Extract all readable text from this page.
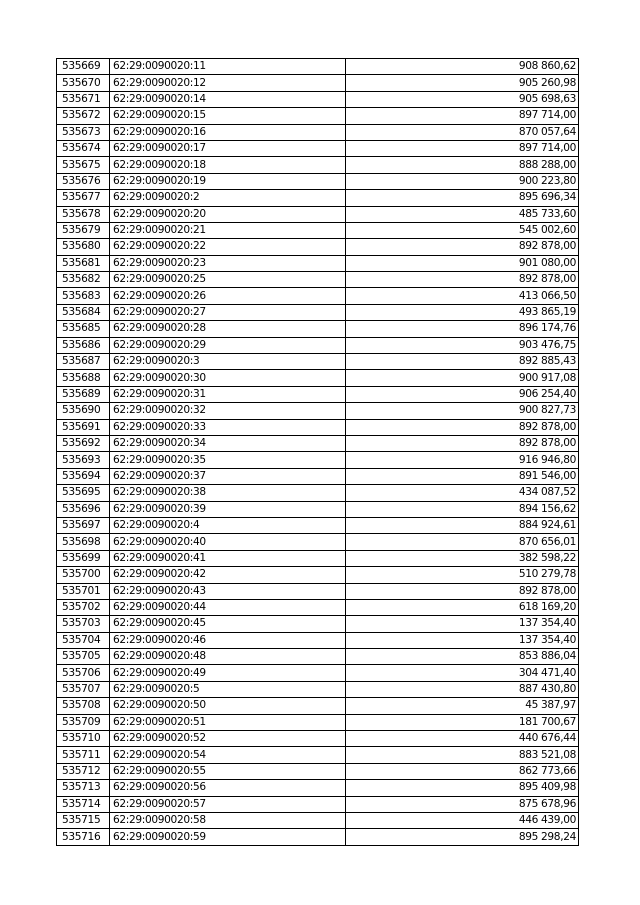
535669	62:29:0090020:11	908 860,62
535670	62:29:0090020:12	905 260,98
535671	62:29:0090020:14	905 698,63
535672	62:29:0090020:15	897 714,00
535673	62:29:0090020:16	870 057,64
535674	62:29:0090020:17	897 714,00
535675	62:29:0090020:18	888 288,00
535676	62:29:0090020:19	900 223,80
535677	62:29:0090020:2	895 696,34
535678	62:29:0090020:20	485 733,60
535679	62:29:0090020:21	545 002,60
535680	62:29:0090020:22	892 878,00
535681	62:29:0090020:23	901 080,00
535682	62:29:0090020:25	892 878,00
535683	62:29:0090020:26	413 066,50
535684	62:29:0090020:27	493 865,19
535685	62:29:0090020:28	896 174,76
535686	62:29:0090020:29	903 476,75
535687	62:29:0090020:3	892 885,43
535688	62:29:0090020:30	900 917,08
535689	62:29:0090020:31	906 254,40
535690	62:29:0090020:32	900 827,73
535691	62:29:0090020:33	892 878,00
535692	62:29:0090020:34	892 878,00
535693	62:29:0090020:35	916 946,80
535694	62:29:0090020:37	891 546,00
535695	62:29:0090020:38	434 087,52
535696	62:29:0090020:39	894 156,62
535697	62:29:0090020:4	884 924,61
535698	62:29:0090020:40	870 656,01
535699	62:29:0090020:41	382 598,22
535700	62:29:0090020:42	510 279,78
535701	62:29:0090020:43	892 878,00
535702	62:29:0090020:44	618 169,20
535703	62:29:0090020:45	137 354,40
535704	62:29:0090020:46	137 354,40
535705	62:29:0090020:48	853 886,04
535706	62:29:0090020:49	304 471,40
535707	62:29:0090020:5	887 430,80
535708	62:29:0090020:50	45 387,97
535709	62:29:0090020:51	181 700,67
535710	62:29:0090020:52	440 676,44
535711	62:29:0090020:54	883 521,08
535712	62:29:0090020:55	862 773,66
535713	62:29:0090020:56	895 409,98
535714	62:29:0090020:57	875 678,96
535715	62:29:0090020:58	446 439,00
535716	62:29:0090020:59	895 298,24
